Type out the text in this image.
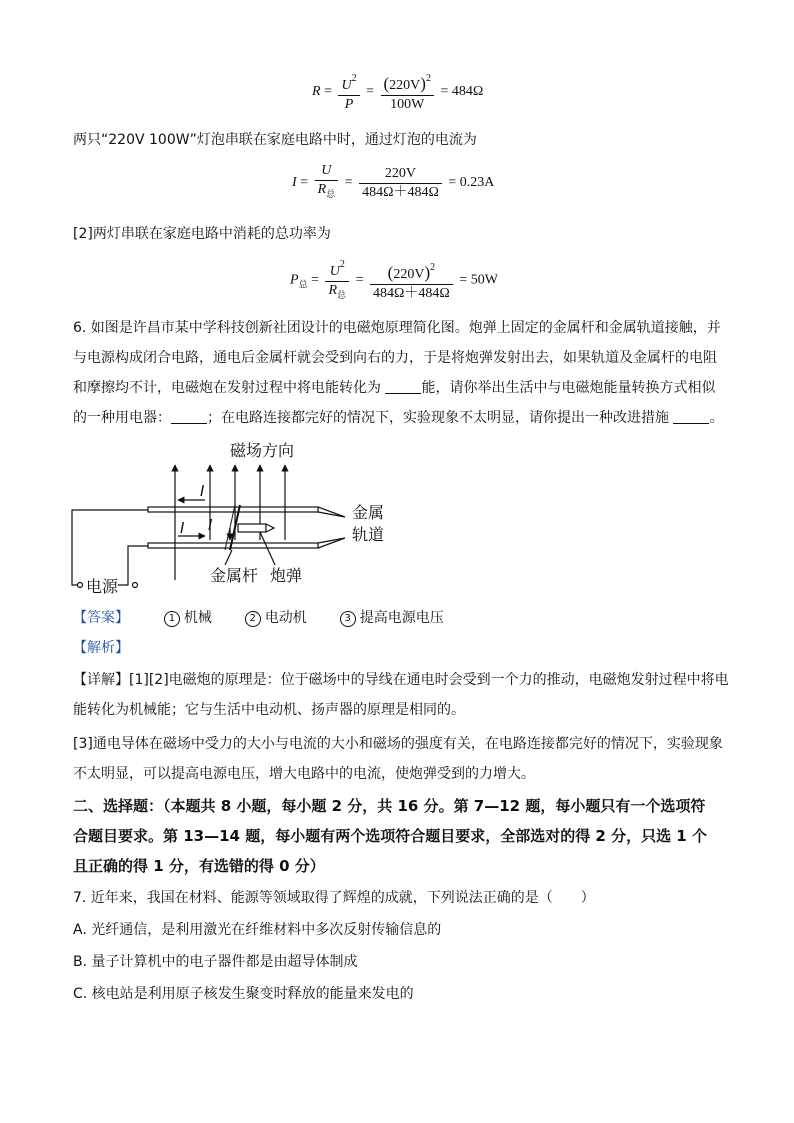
$R = \frac{U^2}{P} = \frac{(220V)^2}{100W} = 484\Omega$
两只“220V 100W”灯泡串联在家庭电路中时，通过灯泡的电流为
$I = \frac{U}{R_总} = \frac{220V}{484\Omega+484\Omega} = 0.23A$
[2]两灯串联在家庭电路中消耗的总功率为
$P_总 = \frac{U^2}{R_总} = \frac{(220V)^2}{484\Omega+484\Omega} = 50W$
6. 如图是许昌市某中学科技创新社团设计的电磁炮原理简化图。炮弹上固定的金属杆和金属轨道接触，并
与电源构成闭合电路，通电后金属杆就会受到向右的力，于是将炮弹发射出去，如果轨道及金属杆的电阻
和摩擦均不计，电磁炮在发射过程中将电能转化为	能，请你举出生活中与电磁炮能量转换方式相似
的一种用电器：	；在电路连接都完好的情况下，实验现象不太明显，请你提出一种改进措施	。
磁场方向
I
I I
金属
轨道
金属杆 炮弹
电源
【答案】	1 机械	2 电动机	3 提高电源电压
【解析】
【详解】[1][2]电磁炮的原理是：位于磁场中的导线在通电时会受到一个力的推动，电磁炮发射过程中将电
能转化为机械能；它与生活中电动机、扬声器的原理是相同的。
[3]通电导体在磁场中受力的大小与电流的大小和磁场的强度有关，在电路连接都完好的情况下，实验现象
不太明显，可以提高电源电压，增大电路中的电流，使炮弹受到的力增大。
二、选择题：（本题共 8 小题，每小题 2 分，共 16 分。第 7—12 题，每小题只有一个选项符
合题目要求。第 13—14 题，每小题有两个选项符合题目要求，全部选对的得 2 分，只选 1 个
且正确的得 1 分，有选错的得 0 分）
7. 近年来，我国在材料、能源等领域取得了辉煌的成就，下列说法正确的是（　　）
A. 光纤通信，是利用激光在纤维材料中多次反射传输信息的
B. 量子计算机中的电子器件都是由超导体制成
C. 核电站是利用原子核发生聚变时释放的能量来发电的
